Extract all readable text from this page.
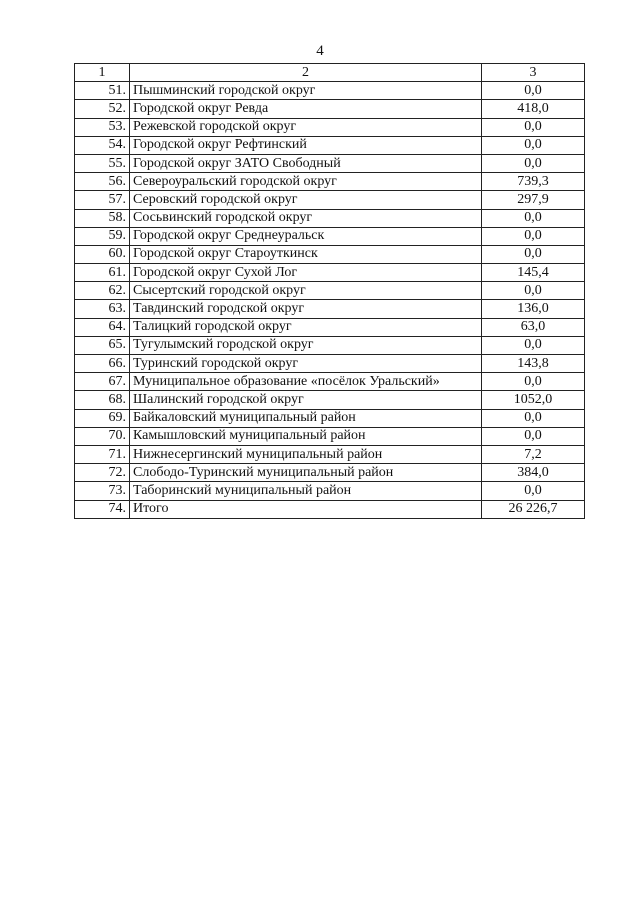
4
1	2	3
51.	Пышминский городской округ	0,0
52.	Городской округ Ревда	418,0
53.	Режевской городской округ	0,0
54.	Городской округ Рефтинский	0,0
55.	Городской округ ЗАТО Свободный	0,0
56.	Североуральский городской округ	739,3
57.	Серовский городской округ	297,9
58.	Сосьвинский городской округ	0,0
59.	Городской округ Среднеуральск	0,0
60.	Городской округ Староуткинск	0,0
61.	Городской округ Сухой Лог	145,4
62.	Сысертский городской округ	0,0
63.	Тавдинский городской округ	136,0
64.	Талицкий городской округ	63,0
65.	Тугулымский городской округ	0,0
66.	Туринский городской округ	143,8
67.	Муниципальное образование «посёлок Уральский»	0,0
68.	Шалинский городской округ	1052,0
69.	Байкаловский муниципальный район	0,0
70.	Камышловский муниципальный район	0,0
71.	Нижнесергинский муниципальный район	7,2
72.	Слободо-Туринский муниципальный район	384,0
73.	Таборинский муниципальный район	0,0
74.	Итого	26 226,7
